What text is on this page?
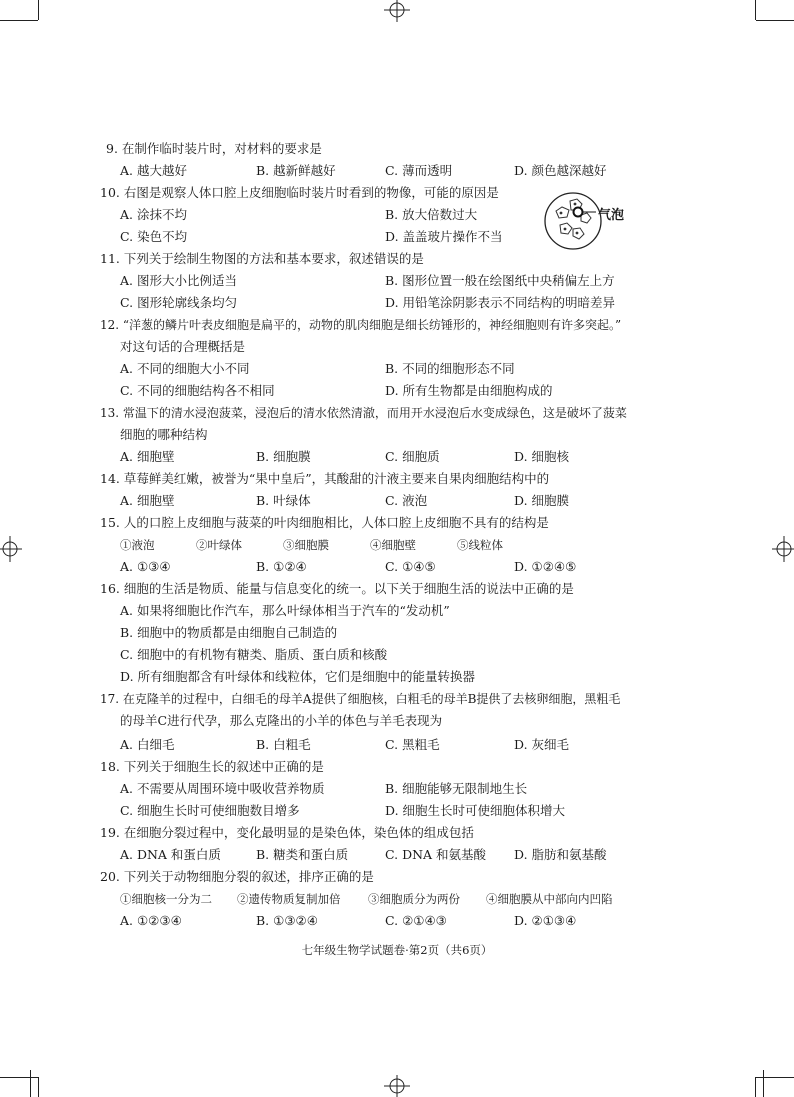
9. 在制作临时装片时，对材料的要求是
A. 越大越好	B. 越新鲜越好	C. 薄而透明	D. 颜色越深越好
10. 右图是观察人体口腔上皮细胞临时装片时看到的物像，可能的原因是
A. 涂抹不均	B. 放大倍数过大
C. 染色不均	D. 盖盖玻片操作不当
气泡
11. 下列关于绘制生物图的方法和基本要求，叙述错误的是
A. 图形大小比例适当	B. 图形位置一般在绘图纸中央稍偏左上方
C. 图形轮廓线条均匀	D. 用铅笔涂阴影表示不同结构的明暗差异
12. “洋葱的鳞片叶表皮细胞是扁平的，动物的肌肉细胞是细长纺锤形的，神经细胞则有许多突起。”
对这句话的合理概括是
A. 不同的细胞大小不同	B. 不同的细胞形态不同
C. 不同的细胞结构各不相同	D. 所有生物都是由细胞构成的
13. 常温下的清水浸泡菠菜，浸泡后的清水依然清澈，而用开水浸泡后水变成绿色，这是破坏了菠菜
细胞的哪种结构
A. 细胞壁	B. 细胞膜	C. 细胞质	D. 细胞核
14. 草莓鲜美红嫩，被誉为“果中皇后”，其酸甜的汁液主要来自果肉细胞结构中的
A. 细胞壁	B. 叶绿体	C. 液泡	D. 细胞膜
15. 人的口腔上皮细胞与菠菜的叶肉细胞相比，人体口腔上皮细胞不具有的结构是
①液泡	②叶绿体	③细胞膜	④细胞壁	⑤线粒体
A. ①③④	B. ①②④	C. ①④⑤	D. ①②④⑤
16. 细胞的生活是物质、能量与信息变化的统一。以下关于细胞生活的说法中正确的是
A. 如果将细胞比作汽车，那么叶绿体相当于汽车的“发动机”
B. 细胞中的物质都是由细胞自己制造的
C. 细胞中的有机物有糖类、脂质、蛋白质和核酸
D. 所有细胞都含有叶绿体和线粒体，它们是细胞中的能量转换器
17. 在克隆羊的过程中，白细毛的母羊A提供了细胞核，白粗毛的母羊B提供了去核卵细胞，黑粗毛
的母羊C进行代孕，那么克隆出的小羊的体色与羊毛表现为
A. 白细毛	B. 白粗毛	C. 黑粗毛	D. 灰细毛
18. 下列关于细胞生长的叙述中正确的是
A. 不需要从周围环境中吸收营养物质	B. 细胞能够无限制地生长
C. 细胞生长时可使细胞数目增多	D. 细胞生长时可使细胞体积增大
19. 在细胞分裂过程中，变化最明显的是染色体，染色体的组成包括
A. DNA 和蛋白质	B. 糖类和蛋白质	C. DNA 和氨基酸 D. 脂肪和氨基酸
20. 下列关于动物细胞分裂的叙述，排序正确的是
①细胞核一分为二 ②遗传物质复制加倍 ③细胞质分为两份 ④细胞膜从中部向内凹陷
A. ①②③④	B. ①③②④	C. ②①④③	D. ②①③④
七年级生物学试题卷·第2页（共6页）
